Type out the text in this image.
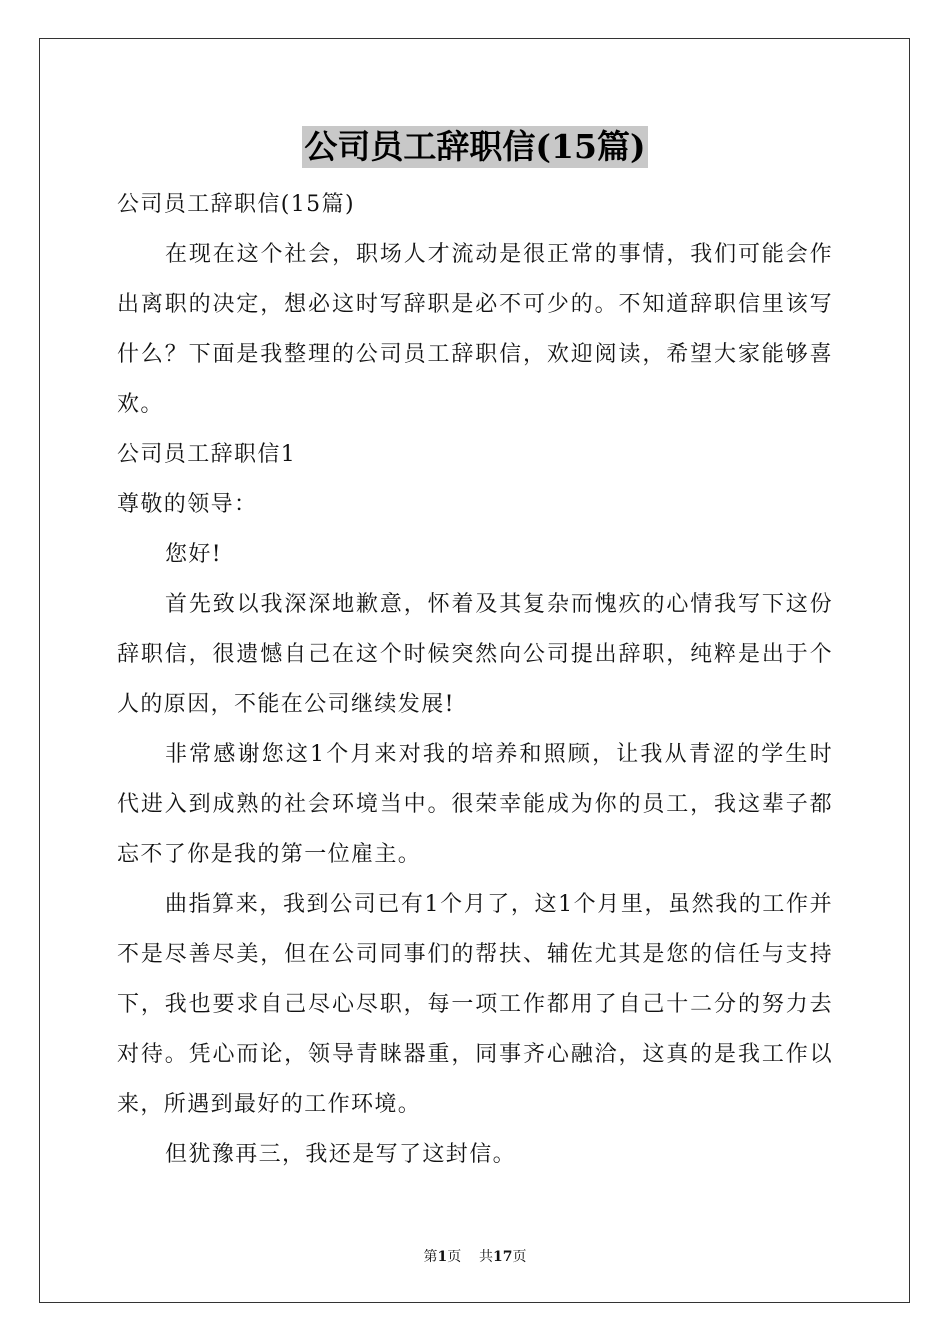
公司员工辞职信(15篇)

公司员工辞职信(15篇)

在现在这个社会，职场人才流动是很正常的事情，我们可能会作出离职的决定，想必这时写辞职是必不可少的。不知道辞职信里该写什么？下面是我整理的公司员工辞职信，欢迎阅读，希望大家能够喜欢。

公司员工辞职信1

尊敬的领导：

您好!

首先致以我深深地歉意，怀着及其复杂而愧疚的心情我写下这份辞职信，很遗憾自己在这个时候突然向公司提出辞职，纯粹是出于个人的原因，不能在公司继续发展!

非常感谢您这1个月来对我的培养和照顾，让我从青涩的学生时代进入到成熟的社会环境当中。很荣幸能成为你的员工，我这辈子都忘不了你是我的第一位雇主。

曲指算来，我到公司已有1个月了，这1个月里，虽然我的工作并不是尽善尽美，但在公司同事们的帮扶、辅佐尤其是您的信任与支持下，我也要求自己尽心尽职，每一项工作都用了自己十二分的努力去对待。凭心而论，领导青睐器重，同事齐心融洽，这真的是我工作以来，所遇到最好的工作环境。

但犹豫再三，我还是写了这封信。

第1页 共17页
